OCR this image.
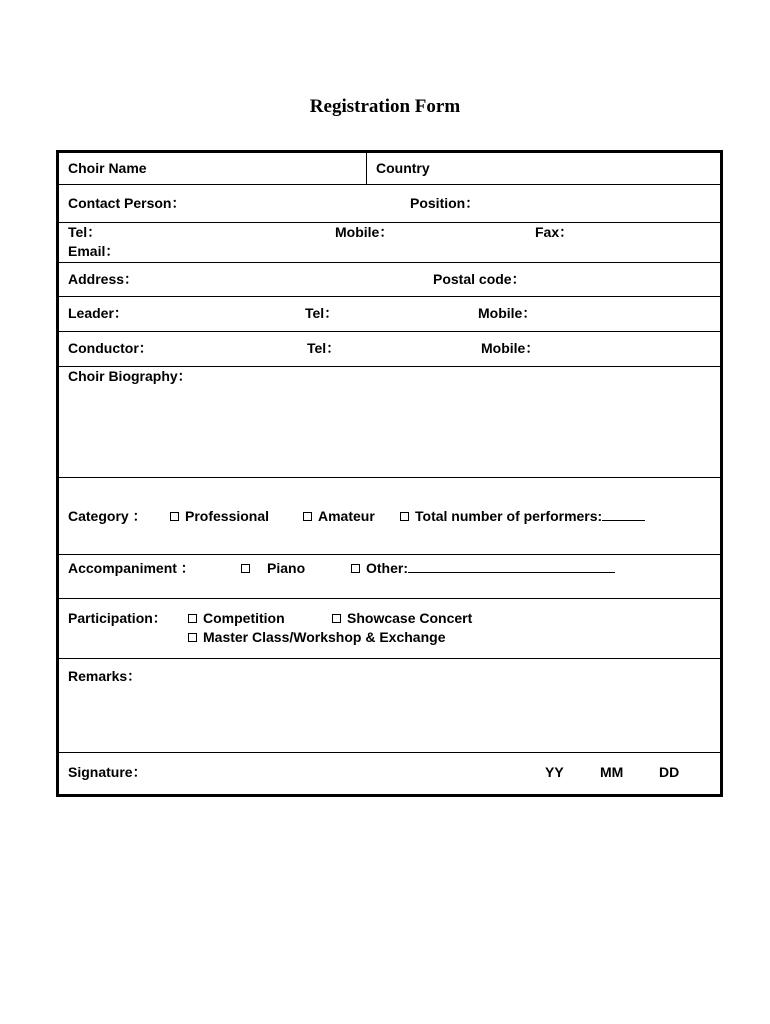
Registration Form
Choir Name	Country
Contact Person：	Position：
Tel：	Mobile：	Fax：
Email：
Address：	Postal code：
Leader：	Tel：	Mobile：
Conductor：	Tel：	Mobile：
Choir Biography：
Category ：	Professional	Amateur	Total number of performers:
Accompaniment ：	Piano	Other:
Participation：	Competition	Showcase Concert
Master Class/Workshop & Exchange
Remarks：
Signature：	YY	MM	DD
